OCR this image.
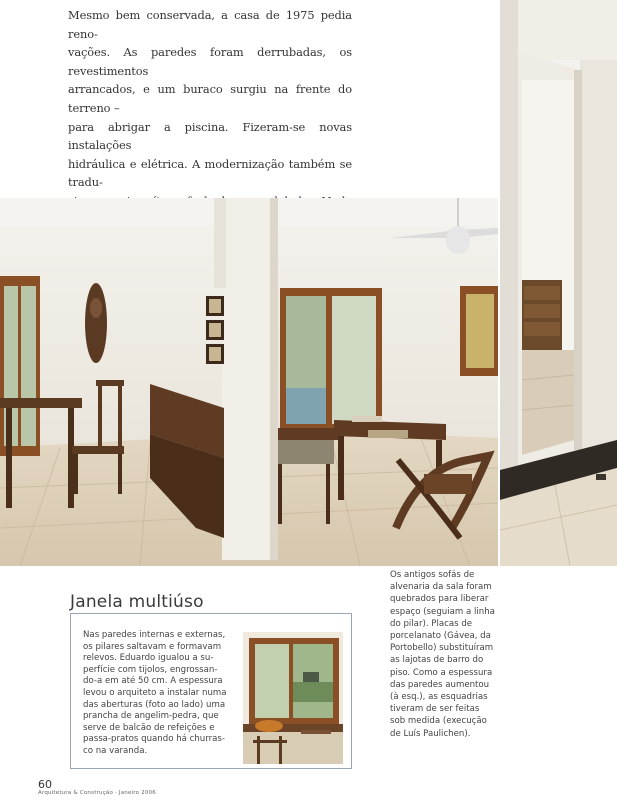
Mesmo bem conservada, a casa de 1975 pedia reno-
vações. As paredes foram derrubadas, os revestimentos
arrancados, e um buraco surgiu na frente do terreno –
para abrigar a piscina. Fizeram-se novas instalações
hidráulica e elétrica. A modernização também se tradu-
Os antigos sofás de
alvenaria da sala foram
quebrados para liberar
espaço (seguiam a linha
do pilar). Placas de
porcelanato (Gávea, da
Portobello) substituíram
as lajotas de barro do
piso. Como a espessura
das paredes aumentou
(à esq.), as esquadrias
tiveram de ser feitas
sob medida (execução
de Luís Paulichen).
Janela multiúso
Nas paredes internas e externas,
os pilares saltavam e formavam
relevos. Eduardo igualou a su-
perfície com tijolos, engrossan-
do-a em até 50 cm. A espessura
levou o arquiteto a instalar numa
das aberturas (foto ao lado) uma
prancha de angelim-pedra, que
serve de balcão de refeições e
passa-pratos quando há churras-
co na varanda.
60
Arquitetura & Construção · Janeiro 2006
